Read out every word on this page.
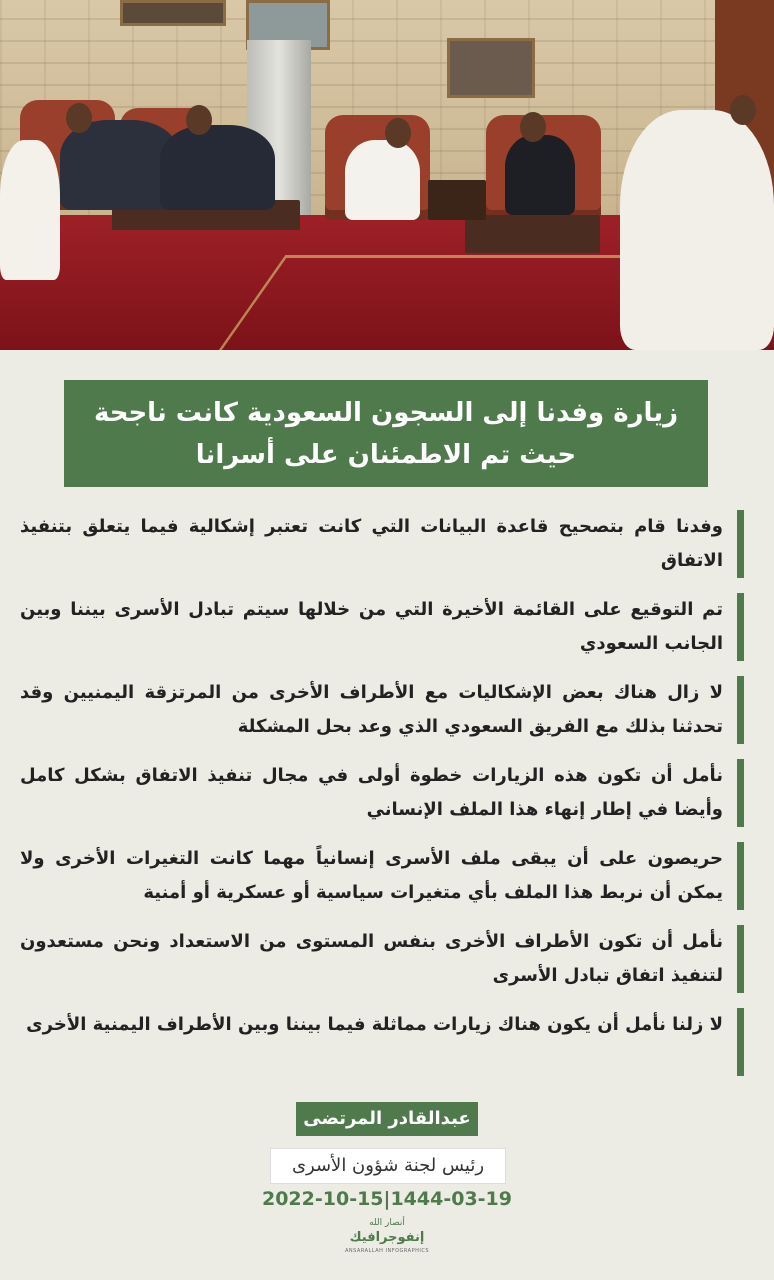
زيارة وفدنا إلى السجون السعودية كانت ناجحة
حيث تم الاطمئنان على أسرانا
وفدنا قام بتصحيح قاعدة البيانات التي كانت تعتبر إشكالية فيما يتعلق بتنفيذ الاتفاق
تم التوقيع على القائمة الأخيرة التي من خلالها سيتم تبادل الأسرى بيننا وبين الجانب السعودي
لا زال هناك بعض الإشكاليات مع الأطراف الأخرى من المرتزقة اليمنيين وقد تحدثنا بذلك مع الفريق السعودي الذي وعد بحل المشكلة
نأمل أن تكون هذه الزيارات خطوة أولى في مجال تنفيذ الاتفاق بشكل كامل وأيضا في إطار إنهاء هذا الملف الإنساني
حريصون على أن يبقى ملف الأسرى إنسانياً مهما كانت التغيرات الأخرى ولا يمكن أن نربط هذا الملف بأي متغيرات سياسية أو عسكرية أو أمنية
نأمل أن تكون الأطراف الأخرى بنفس المستوى من الاستعداد ونحن مستعدون لتنفيذ اتفاق تبادل الأسرى
لا زلنا نأمل أن يكون هناك زيارات مماثلة فيما بيننا وبين الأطراف اليمنية الأخرى
عبدالقادر المرتضى
رئيس لجنة شؤون الأسرى
2022-10-15|1444-03-19
أنصار الله
إنفوجرافيك
ANSARALLAH INFOGRAPHICS
